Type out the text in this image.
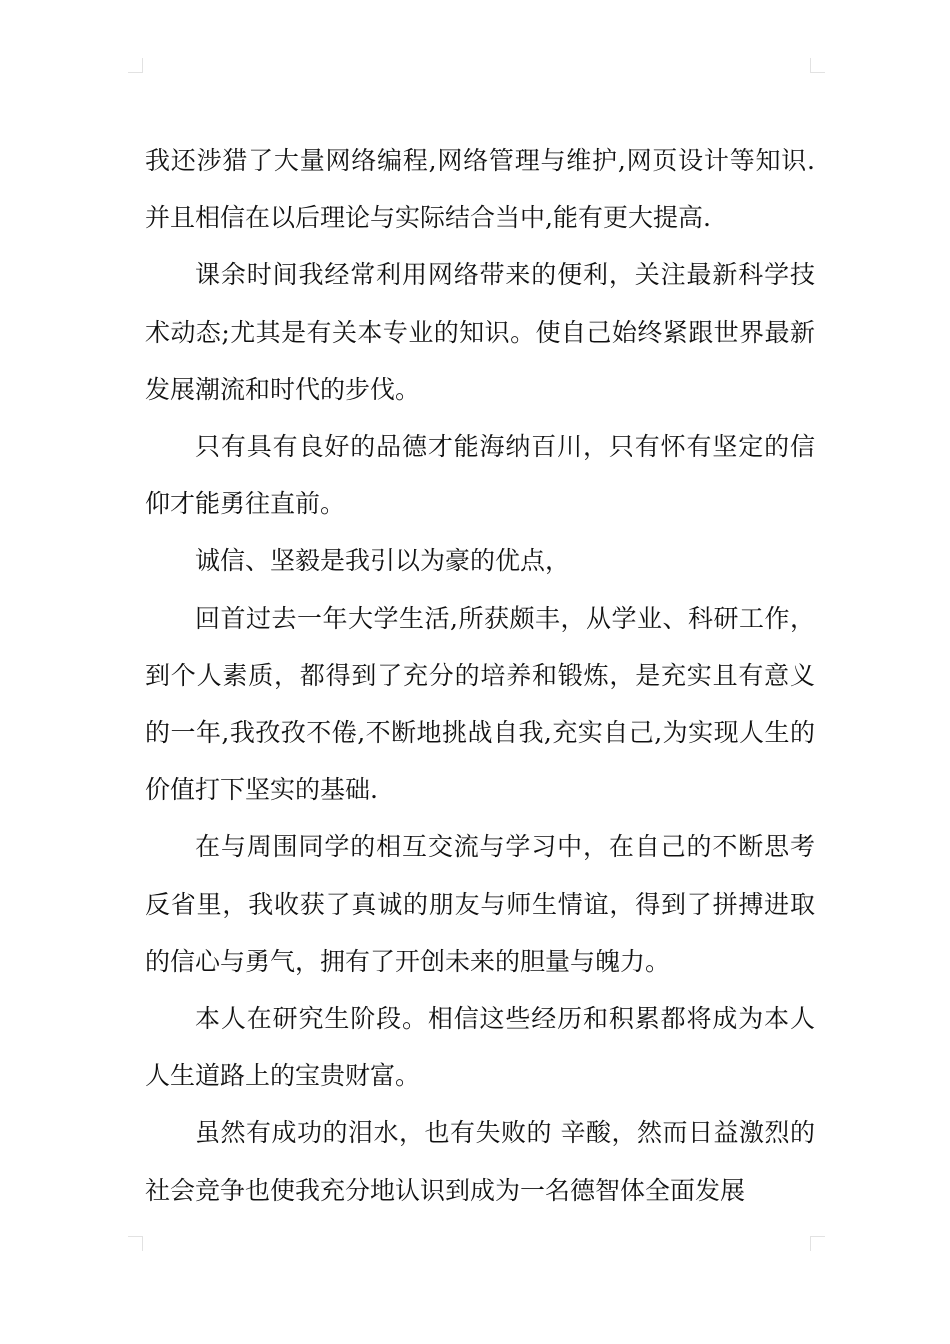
我还涉猎了大量网络编程,网络管理与维护,网页设计等知识.并且相信在以后理论与实际结合当中,能有更大提高.

课余时间我经常利用网络带来的便利，关注最新科学技术动态;尤其是有关本专业的知识。使自己始终紧跟世界最新发展潮流和时代的步伐。

只有具有良好的品德才能海纳百川，只有怀有坚定的信仰才能勇往直前。

诚信、坚毅是我引以为豪的优点，

回首过去一年大学生活,所获颇丰，从学业、科研工作，到个人素质，都得到了充分的培养和锻炼，是充实且有意义的一年,我孜孜不倦,不断地挑战自我,充实自己,为实现人生的价值打下坚实的基础.

在与周围同学的相互交流与学习中，在自己的不断思考反省里，我收获了真诚的朋友与师生情谊，得到了拼搏进取的信心与勇气，拥有了开创未来的胆量与魄力。

本人在研究生阶段。相信这些经历和积累都将成为本人人生道路上的宝贵财富。

虽然有成功的泪水，也有失败的 辛酸，然而日益激烈的社会竞争也使我充分地认识到成为一名德智体全面发展
